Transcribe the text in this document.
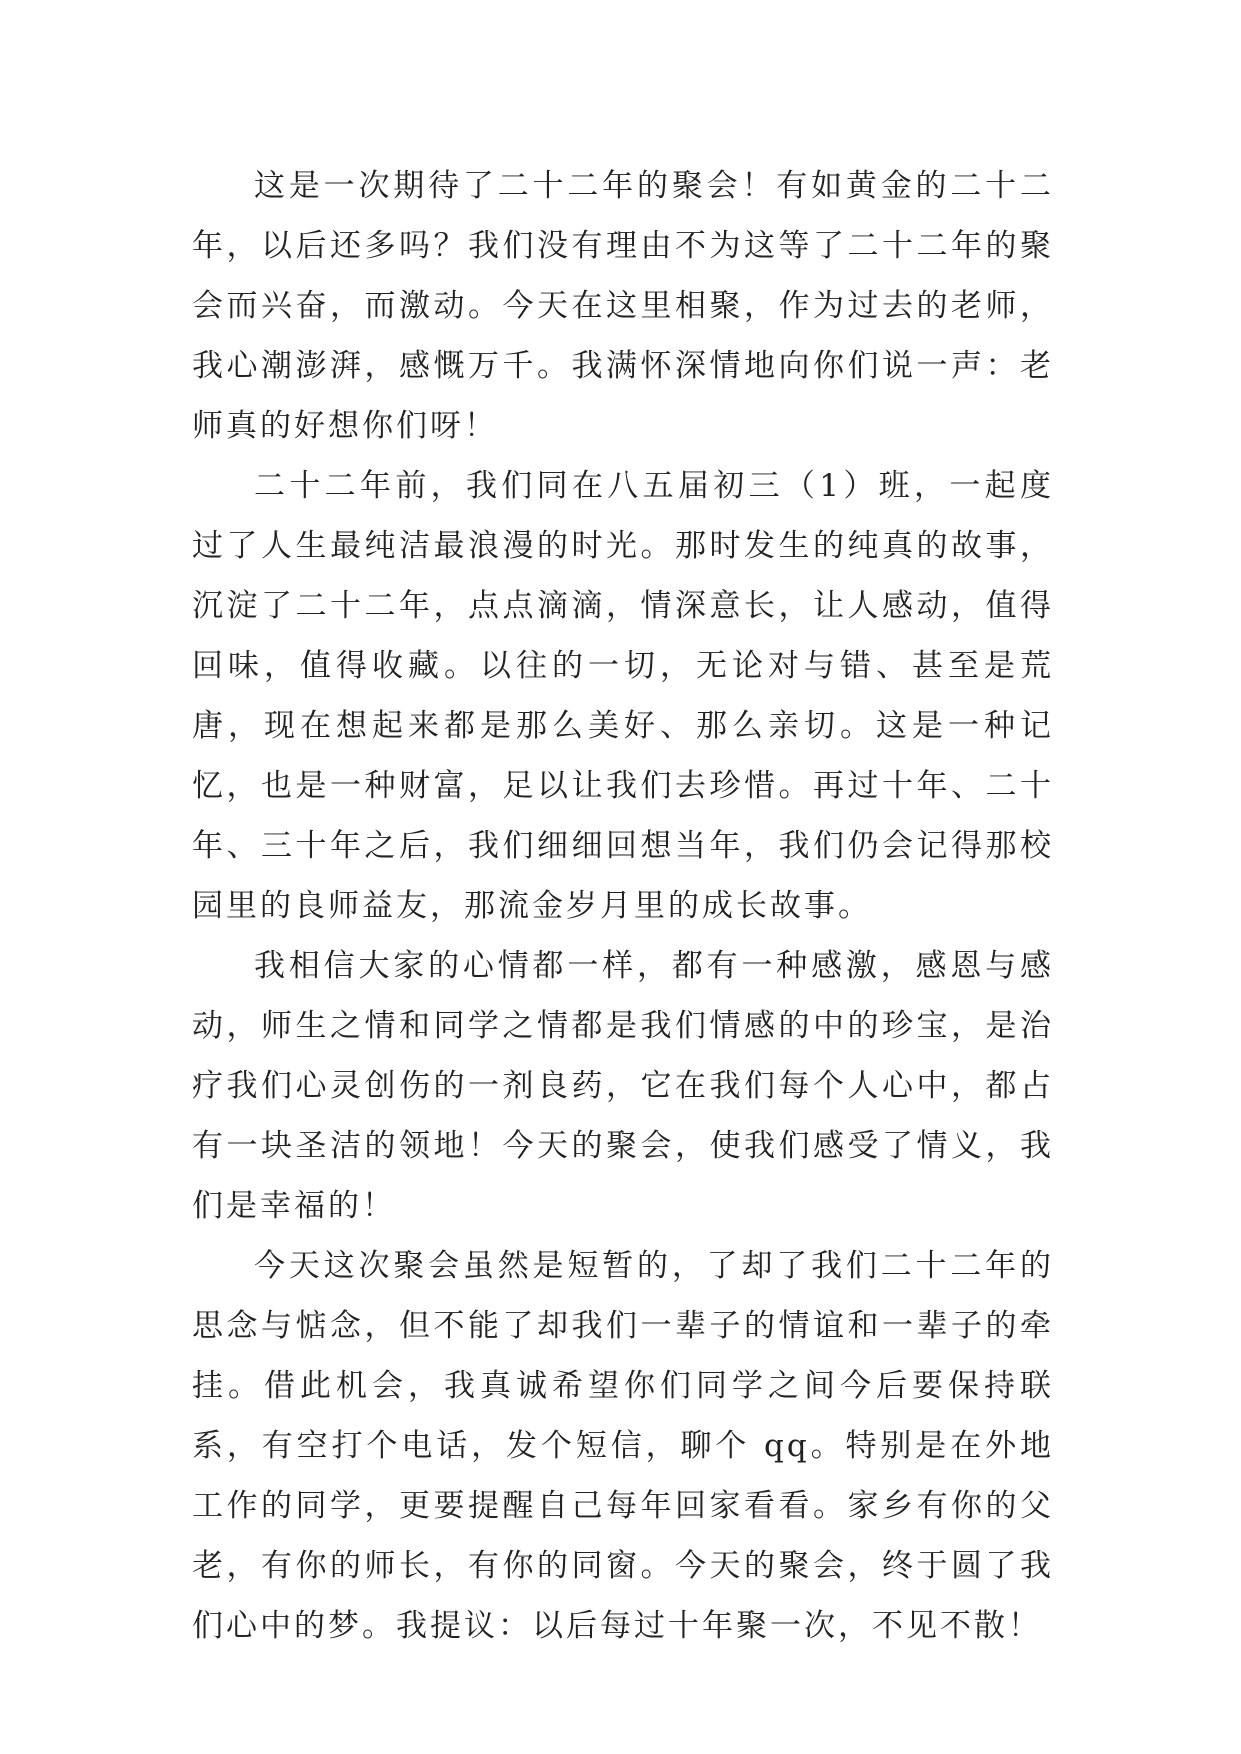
这是一次期待了二十二年的聚会！有如黄金的二十二年，以后还多吗？我们没有理由不为这等了二十二年的聚会而兴奋，而激动。今天在这里相聚，作为过去的老师，我心潮澎湃，感慨万千。我满怀深情地向你们说一声：老师真的好想你们呀！

二十二年前，我们同在八五届初三（1）班，一起度过了人生最纯洁最浪漫的时光。那时发生的纯真的故事，沉淀了二十二年，点点滴滴，情深意长，让人感动，值得回味，值得收藏。以往的一切，无论对与错、甚至是荒唐，现在想起来都是那么美好、那么亲切。这是一种记忆，也是一种财富，足以让我们去珍惜。再过十年、二十年、三十年之后，我们细细回想当年，我们仍会记得那校园里的良师益友，那流金岁月里的成长故事。

我相信大家的心情都一样，都有一种感激，感恩与感动，师生之情和同学之情都是我们情感的中的珍宝，是治疗我们心灵创伤的一剂良药，它在我们每个人心中，都占有一块圣洁的领地！今天的聚会，使我们感受了情义，我们是幸福的！

今天这次聚会虽然是短暂的，了却了我们二十二年的思念与惦念，但不能了却我们一辈子的情谊和一辈子的牵挂。借此机会，我真诚希望你们同学之间今后要保持联系，有空打个电话，发个短信，聊个 qq。特别是在外地工作的同学，更要提醒自己每年回家看看。家乡有你的父老，有你的师长，有你的同窗。今天的聚会，终于圆了我们心中的梦。我提议：以后每过十年聚一次，不见不散！
